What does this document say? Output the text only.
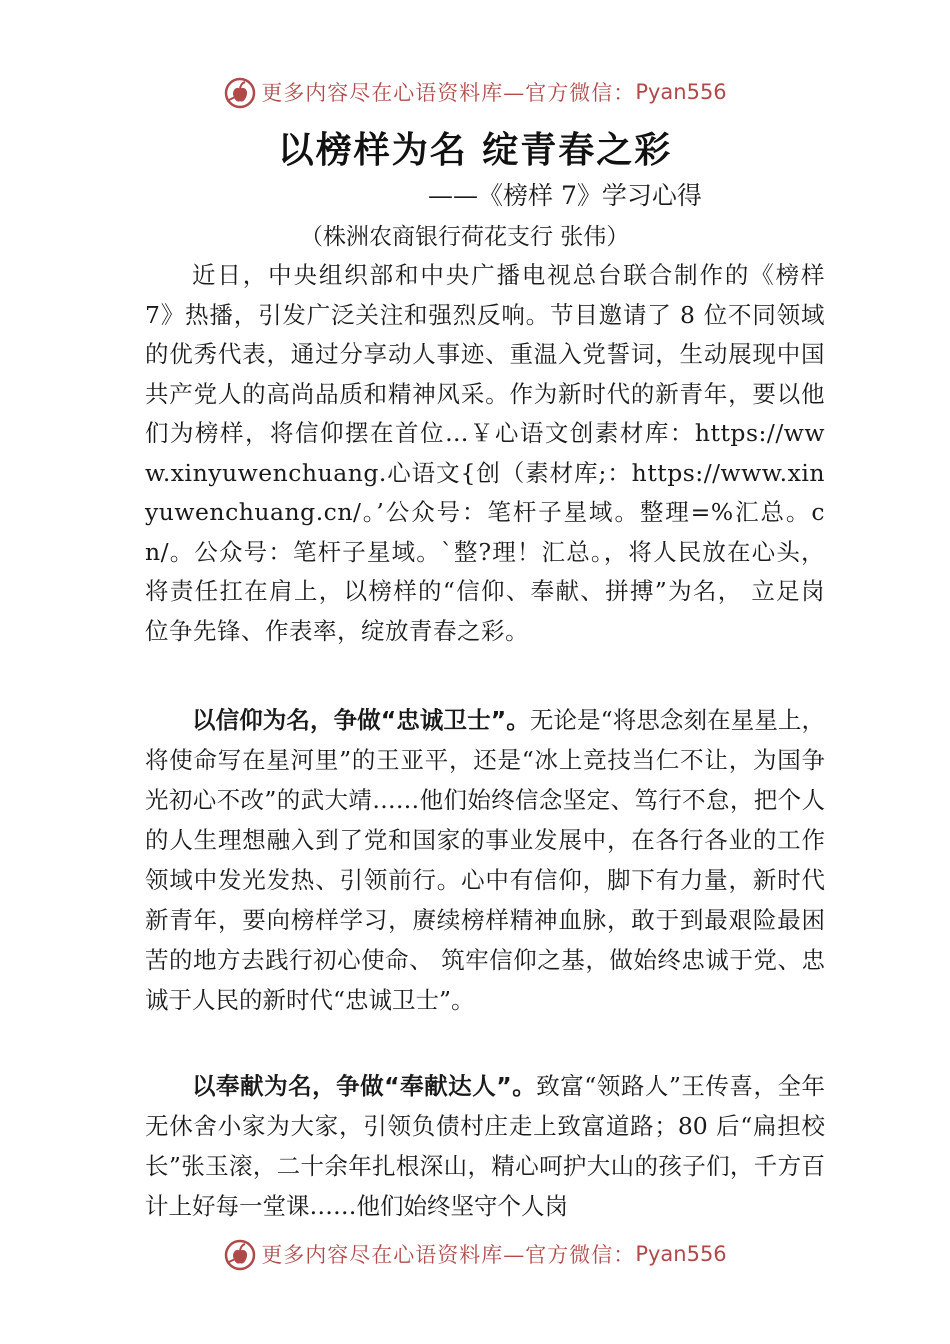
更多内容尽在心语资料库—官方微信： Pyan556
以榜样为名 绽青春之彩
——《榜样 7》学习心得
（株洲农商银行荷花支行 张伟）
近日，中央组织部和中央广播电视总台联合制作的《榜样 7》热播，引发广泛关注和强烈反响。节目邀请了 8 位不同领域的优秀代表，通过分享动人事迹、重温入党誓词，生动展现中国共产党人的高尚品质和精神风采。作为新时代的新青年，要以他们为榜样，将信仰摆在首位…￥心语文创素材库：https://www.xinyuwenchuang.心语文{创（素材库;：https://www.xinyuwenchuang.cn/。’公众号：笔杆子星域。整理=%汇总。cn/。公众号：笔杆子星域。`整?理！汇总。，将人民放在心头，将责任扛在肩上，以榜样的“信仰、奉献、拼搏”为名， 立足岗位争先锋、作表率，绽放青春之彩。
以信仰为名，争做“忠诚卫士”。无论是“将思念刻在星星上，将使命写在星河里”的王亚平，还是“冰上竞技当仁不让，为国争光初心不改”的武大靖……他们始终信念坚定、笃行不怠，把个人的人生理想融入到了党和国家的事业发展中，在各行各业的工作领域中发光发热、引领前行。心中有信仰，脚下有力量，新时代新青年，要向榜样学习，赓续榜样精神血脉，敢于到最艰险最困苦的地方去践行初心使命、 筑牢信仰之基，做始终忠诚于党、忠诚于人民的新时代“忠诚卫士”。
以奉献为名，争做“奉献达人”。致富“领路人”王传喜，全年无休舍小家为大家，引领负债村庄走上致富道路；80 后“扁担校长”张玉滚，二十余年扎根深山，精心呵护大山的孩子们，千方百计上好每一堂课……他们始终坚守个人岗
更多内容尽在心语资料库—官方微信： Pyan556
